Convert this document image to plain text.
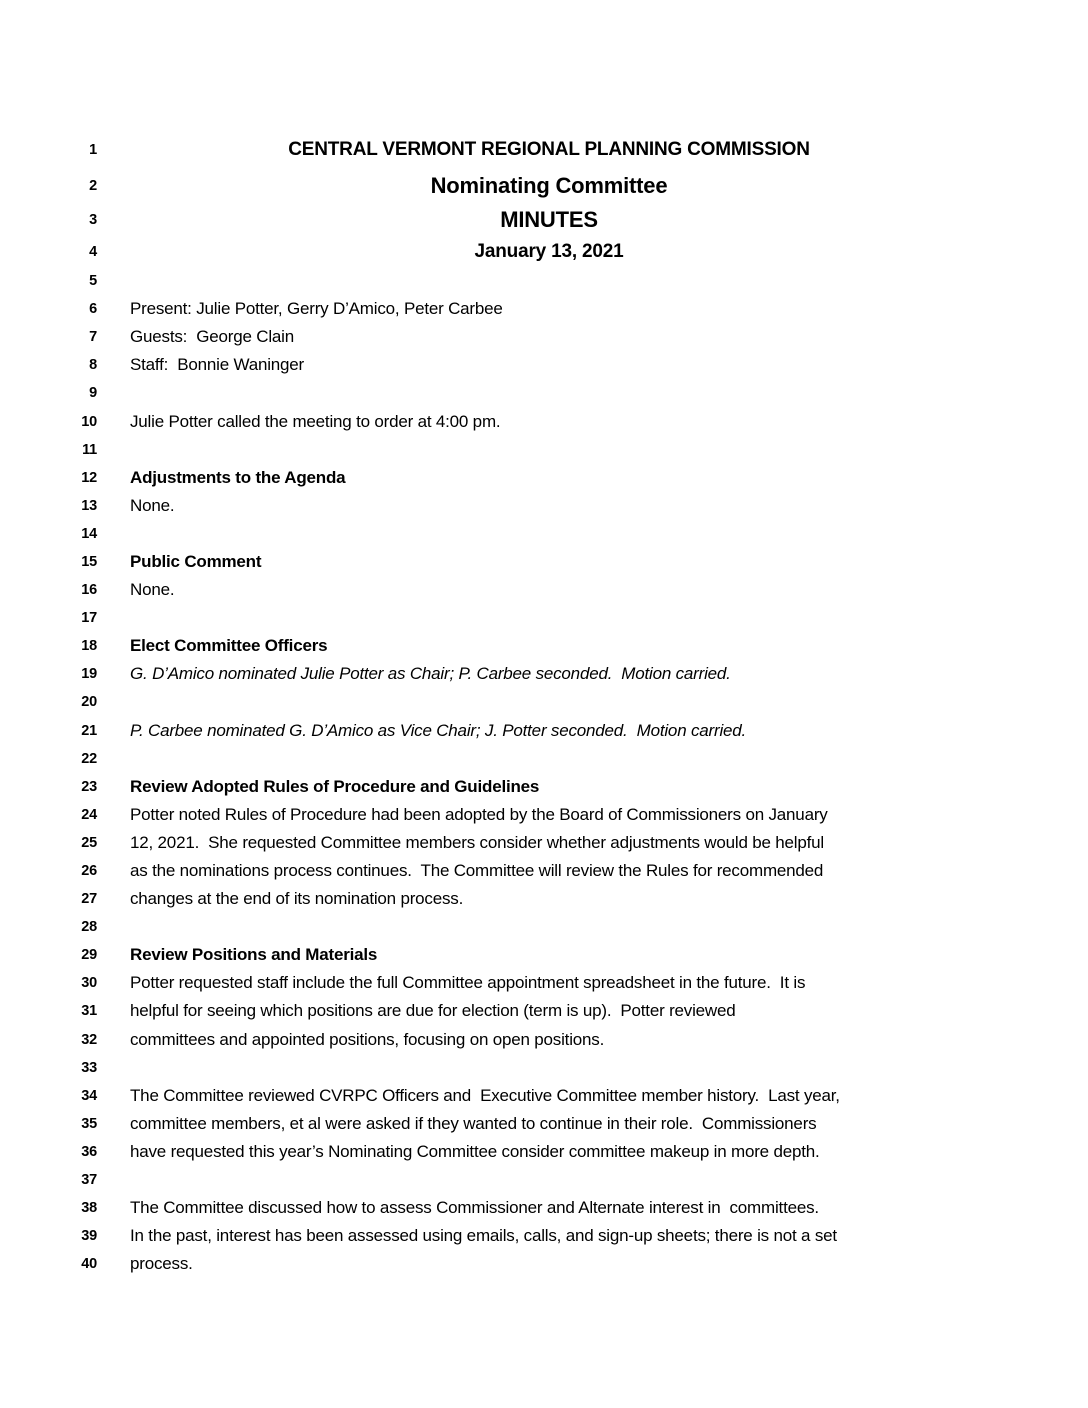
1	CENTRAL VERMONT REGIONAL PLANNING COMMISSION
2	Nominating Committee
3	MINUTES
4	January 13, 2021
5
6 Present: Julie Potter, Gerry D’Amico, Peter Carbee
7 Guests:  George Clain
8 Staff:  Bonnie Waninger
9
10 Julie Potter called the meeting to order at 4:00 pm.
11
12 Adjustments to the Agenda
13 None.
14
15 Public Comment
16 None.
17
18 Elect Committee Officers
19 G. D’Amico nominated Julie Potter as Chair; P. Carbee seconded.  Motion carried.
20
21 P. Carbee nominated G. D’Amico as Vice Chair; J. Potter seconded.  Motion carried.
22
23 Review Adopted Rules of Procedure and Guidelines
24 Potter noted Rules of Procedure had been adopted by the Board of Commissioners on January
25 12, 2021.  She requested Committee members consider whether adjustments would be helpful
26 as the nominations process continues.  The Committee will review the Rules for recommended
27 changes at the end of its nomination process.
28
29 Review Positions and Materials
30 Potter requested staff include the full Committee appointment spreadsheet in the future.  It is
31 helpful for seeing which positions are due for election (term is up).  Potter reviewed
32 committees and appointed positions, focusing on open positions.
33
34 The Committee reviewed CVRPC Officers and  Executive Committee member history.  Last year,
35 committee members, et al were asked if they wanted to continue in their role.  Commissioners
36 have requested this year’s Nominating Committee consider committee makeup in more depth.
37
38 The Committee discussed how to assess Commissioner and Alternate interest in  committees.
39 In the past, interest has been assessed using emails, calls, and sign-up sheets; there is not a set
40 process.
